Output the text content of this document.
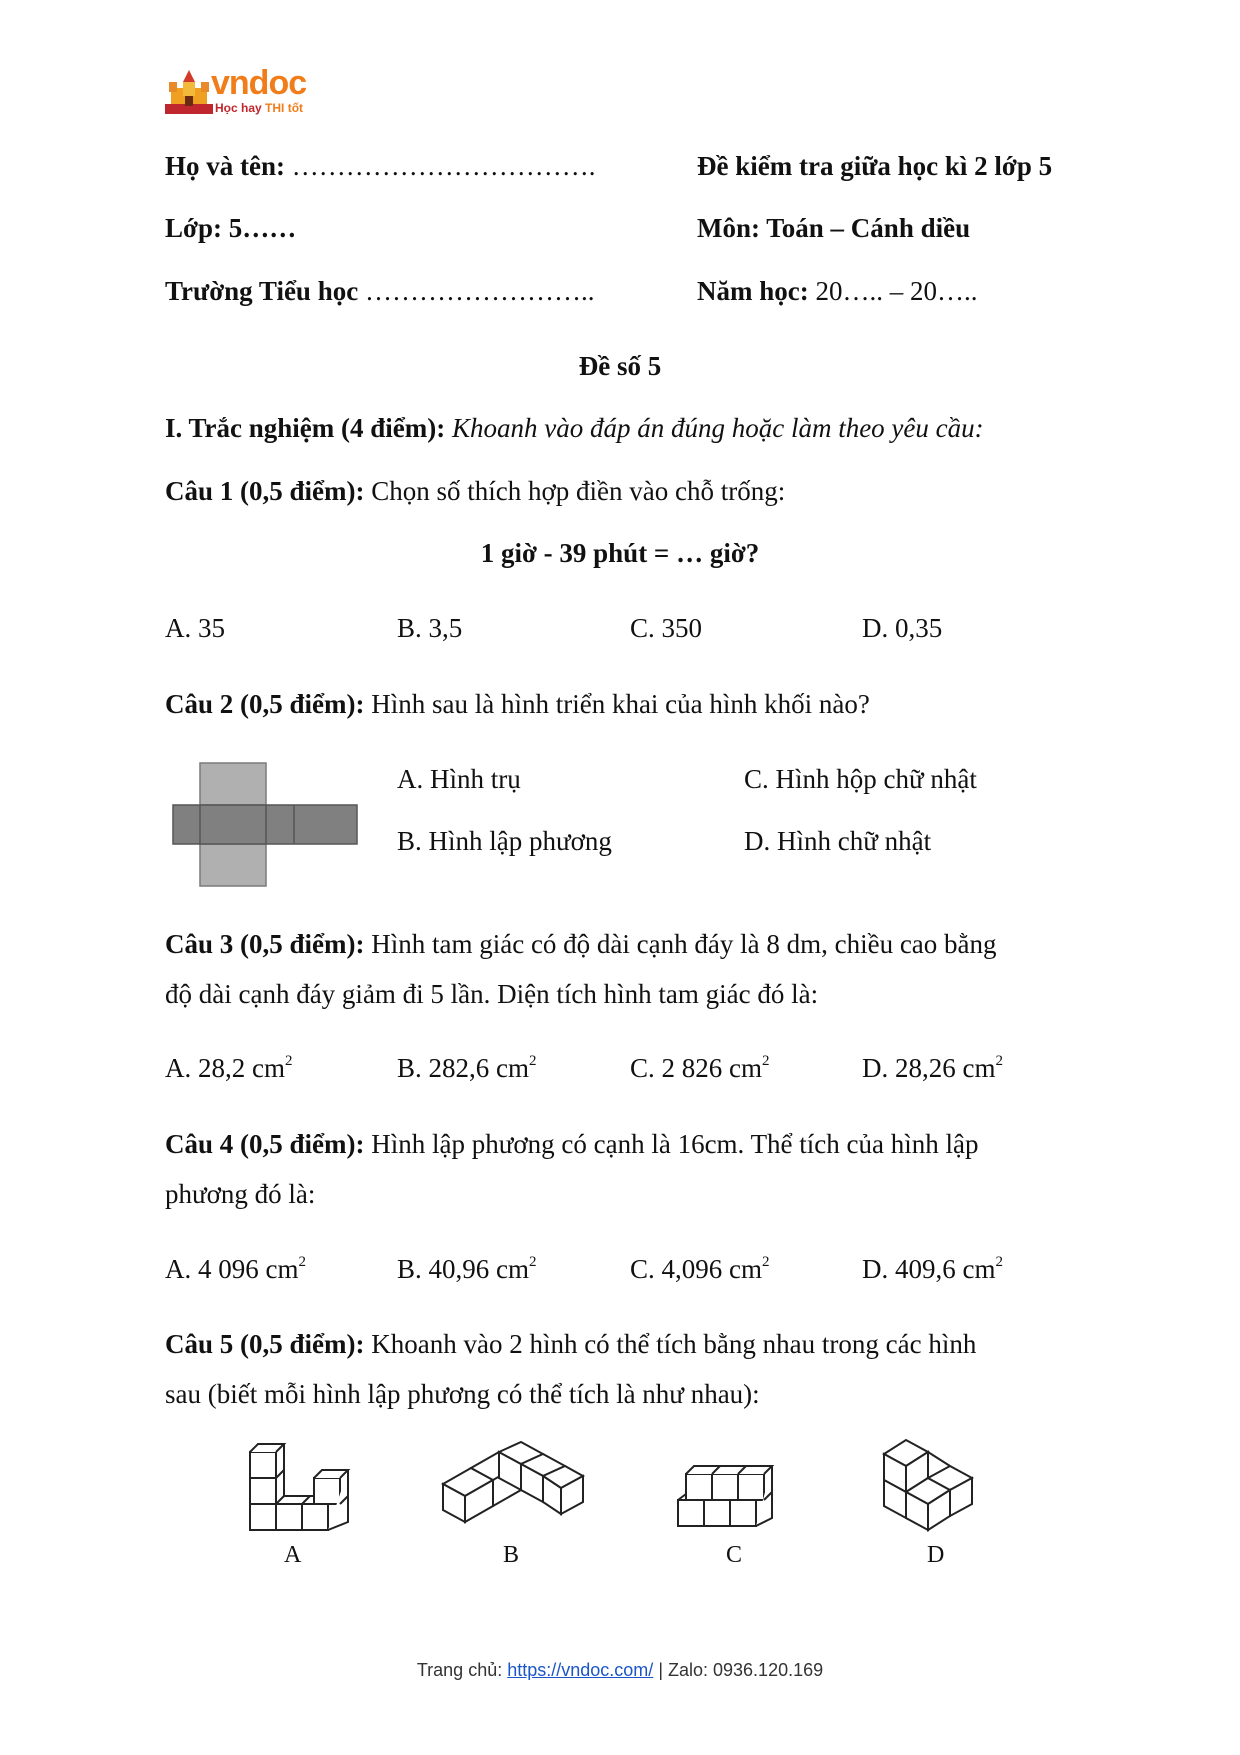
vndoc
Học hay THI tốt
Họ và tên: …………………………….	Đề kiểm tra giữa học kì 2 lớp 5
Lớp: 5……	Môn: Toán – Cánh diều
Trường Tiểu học ……………………..	Năm học: 20….. – 20…..
Đề số 5
I. Trắc nghiệm (4 điểm): Khoanh vào đáp án đúng hoặc làm theo yêu cầu:
Câu 1 (0,5 điểm): Chọn số thích hợp điền vào chỗ trống:
1 giờ - 39 phút = … giờ?
A. 35	B. 3,5	C. 350	D. 0,35
Câu 2 (0,5 điểm): Hình sau là hình triển khai của hình khối nào?
A. Hình trụ	C. Hình hộp chữ nhật
B. Hình lập phương	D. Hình chữ nhật
Câu 3 (0,5 điểm): Hình tam giác có độ dài cạnh đáy là 8 dm, chiều cao bằng
độ dài cạnh đáy giảm đi 5 lần. Diện tích hình tam giác đó là:
A. 28,2 $cm^2$	B. 282,6 $cm^2$	C. 2 826 $cm^2$	D. 28,26 $cm^2$
Câu 4 (0,5 điểm): Hình lập phương có cạnh là 16cm. Thể tích của hình lập
phương đó là:
A. 4 096 $cm^2$	B. 40,96 $cm^2$	C. 4,096 $cm^2$	D. 409,6 $cm^2$
Câu 5 (0,5 điểm): Khoanh vào 2 hình có thể tích bằng nhau trong các hình
sau (biết mỗi hình lập phương có thể tích là như nhau):
A	B	C	D
Trang chủ: https://vndoc.com/ | Zalo: 0936.120.169
